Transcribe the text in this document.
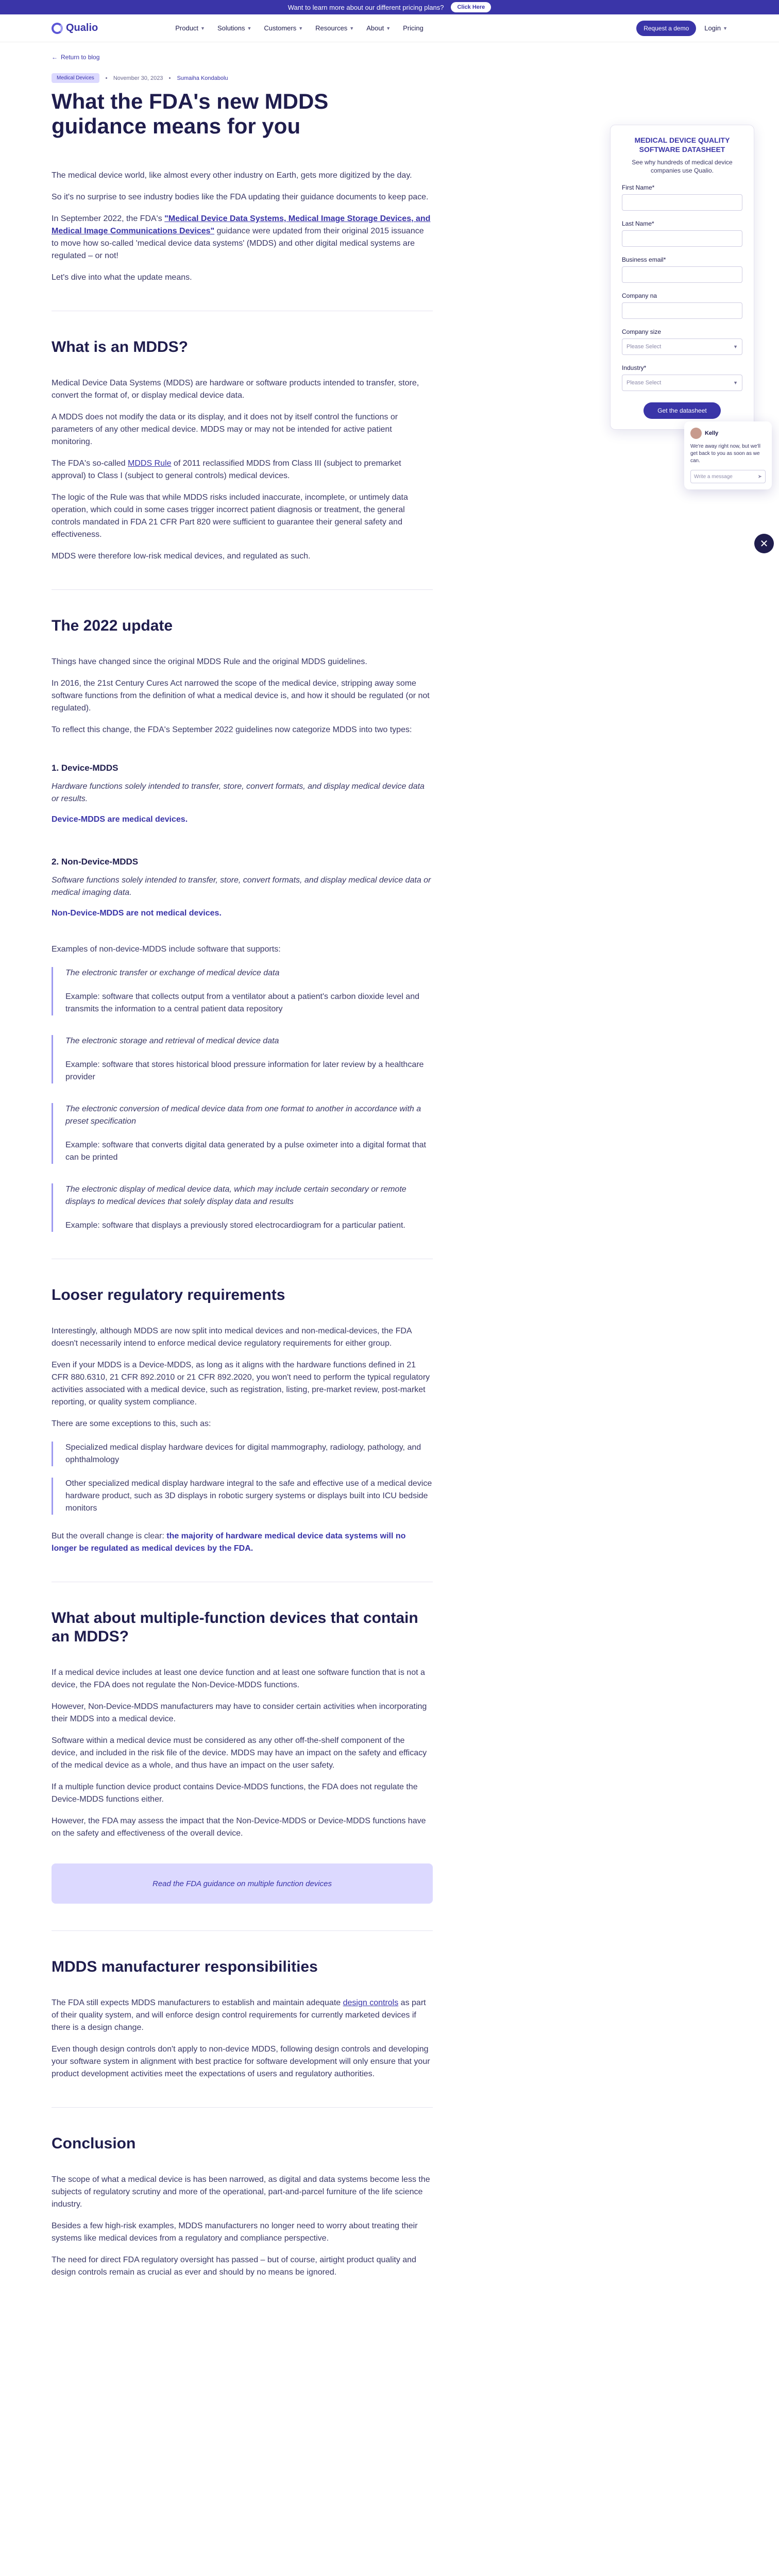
Want to learn more about our different pricing plans?	Click Here
Qualio	Product ▼ Solutions ▼ Customers ▼ Resources ▼ About ▼ Pricing	Request a demo	Login ▼
← Return to blog
Medical Devices	November 30, 2023 Sumaiha Kondabolu
What the FDA's new MDDS guidance means for you

The medical device world, like almost every other industry on Earth, gets more digitized by the day.

So it's no surprise to see industry bodies like the FDA updating their guidance documents to keep pace.

In September 2022, the FDA's "Medical Device Data Systems, Medical Image Storage Devices, and Medical Image Communications Devices" guidance were updated from their original 2015 issuance to move how so-called 'medical device data systems' (MDDS) and other digital medical systems are regulated – or not!

Let's dive into what the update means.

What is an MDDS?

Medical Device Data Systems (MDDS) are hardware or software products intended to transfer, store, convert the format of, or display medical device data.

A MDDS does not modify the data or its display, and it does not by itself control the functions or parameters of any other medical device. MDDS may or may not be intended for active patient monitoring.

The FDA's so-called MDDS Rule of 2011 reclassified MDDS from Class III (subject to premarket approval) to Class I (subject to general controls) medical devices.

The logic of the Rule was that while MDDS risks included inaccurate, incomplete, or untimely data operation, which could in some cases trigger incorrect patient diagnosis or treatment, the general controls mandated in FDA 21 CFR Part 820 were sufficient to guarantee their general safety and effectiveness.

MDDS were therefore low-risk medical devices, and regulated as such.

The 2022 update

Things have changed since the original MDDS Rule and the original MDDS guidelines.

In 2016, the 21st Century Cures Act narrowed the scope of the medical device, stripping away some software functions from the definition of what a medical device is, and how it should be regulated (or not regulated).

To reflect this change, the FDA's September 2022 guidelines now categorize MDDS into two types:

1. Device-MDDS

Hardware functions solely intended to transfer, store, convert formats, and display medical device data or results.

Device-MDDS are medical devices.

2. Non-Device-MDDS

Software functions solely intended to transfer, store, convert formats, and display medical device data or medical imaging data.

Non-Device-MDDS are not medical devices.

Examples of non-device-MDDS include software that supports:

The electronic transfer or exchange of medical device data

Example: software that collects output from a ventilator about a patient's carbon dioxide level and transmits the information to a central patient data repository

The electronic storage and retrieval of medical device data

Example: software that stores historical blood pressure information for later review by a healthcare provider

The electronic conversion of medical device data from one format to another in accordance with a preset specification

Example: software that converts digital data generated by a pulse oximeter into a digital format that can be printed

The electronic display of medical device data, which may include certain secondary or remote displays to medical devices that solely display data and results

Example: software that displays a previously stored electrocardiogram for a particular patient.

Looser regulatory requirements

Interestingly, although MDDS are now split into medical devices and non-medical-devices, the FDA doesn't necessarily intend to enforce medical device regulatory requirements for either group.

Even if your MDDS is a Device-MDDS, as long as it aligns with the hardware functions defined in 21 CFR 880.6310, 21 CFR 892.2010 or 21 CFR 892.2020, you won't need to perform the typical regulatory activities associated with a medical device, such as registration, listing, pre-market review, post-market reporting, or quality system compliance.

There are some exceptions to this, such as:

Specialized medical display hardware devices for digital mammography, radiology, pathology, and ophthalmology

Other specialized medical display hardware integral to the safe and effective use of a medical device hardware product, such as 3D displays in robotic surgery systems or displays built into ICU bedside monitors

But the overall change is clear: the majority of hardware medical device data systems will no longer be regulated as medical devices by the FDA.

What about multiple-function devices that contain an MDDS?

If a medical device includes at least one device function and at least one software function that is not a device, the FDA does not regulate the Non-Device-MDDS functions.

However, Non-Device-MDDS manufacturers may have to consider certain activities when incorporating their MDDS into a medical device.

Software within a medical device must be considered as any other off-the-shelf component of the device, and included in the risk file of the device. MDDS may have an impact on the safety and efficacy of the medical device as a whole, and thus have an impact on the user safety.

If a multiple function device product contains Device-MDDS functions, the FDA does not regulate the Device-MDDS functions either.

However, the FDA may assess the impact that the Non-Device-MDDS or Device-MDDS functions have on the safety and effectiveness of the overall device.

Read the FDA guidance on multiple function devices
MDDS manufacturer responsibilities

The FDA still expects MDDS manufacturers to establish and maintain adequate design controls as part of their quality system, and will enforce design control requirements for currently marketed devices if there is a design change.

Even though design controls don't apply to non-device MDDS, following design controls and developing your software system in alignment with best practice for software development will only ensure that your product development activities meet the expectations of users and regulatory authorities.

Conclusion

The scope of what a medical device is has been narrowed, as digital and data systems become less the subjects of regulatory scrutiny and more of the operational, part-and-parcel furniture of the life science industry.

Besides a few high-risk examples, MDDS manufacturers no longer need to worry about treating their systems like medical devices from a regulatory and compliance perspective.

The need for direct FDA regulatory oversight has passed – but of course, airtight product quality and design controls remain as crucial as ever and should by no means be ignored.

MEDICAL DEVICE QUALITY SOFTWARE DATASHEET
See why hundreds of medical device companies use Qualio.
First Name*
Last Name*
Business email*
Company na
Company size
Please Select	▼
Industry*
Please Select	▼
Get the datasheet
Kelly
We're away right now, but we'll get back to you as soon as we can.
Write a message	➤
✕
